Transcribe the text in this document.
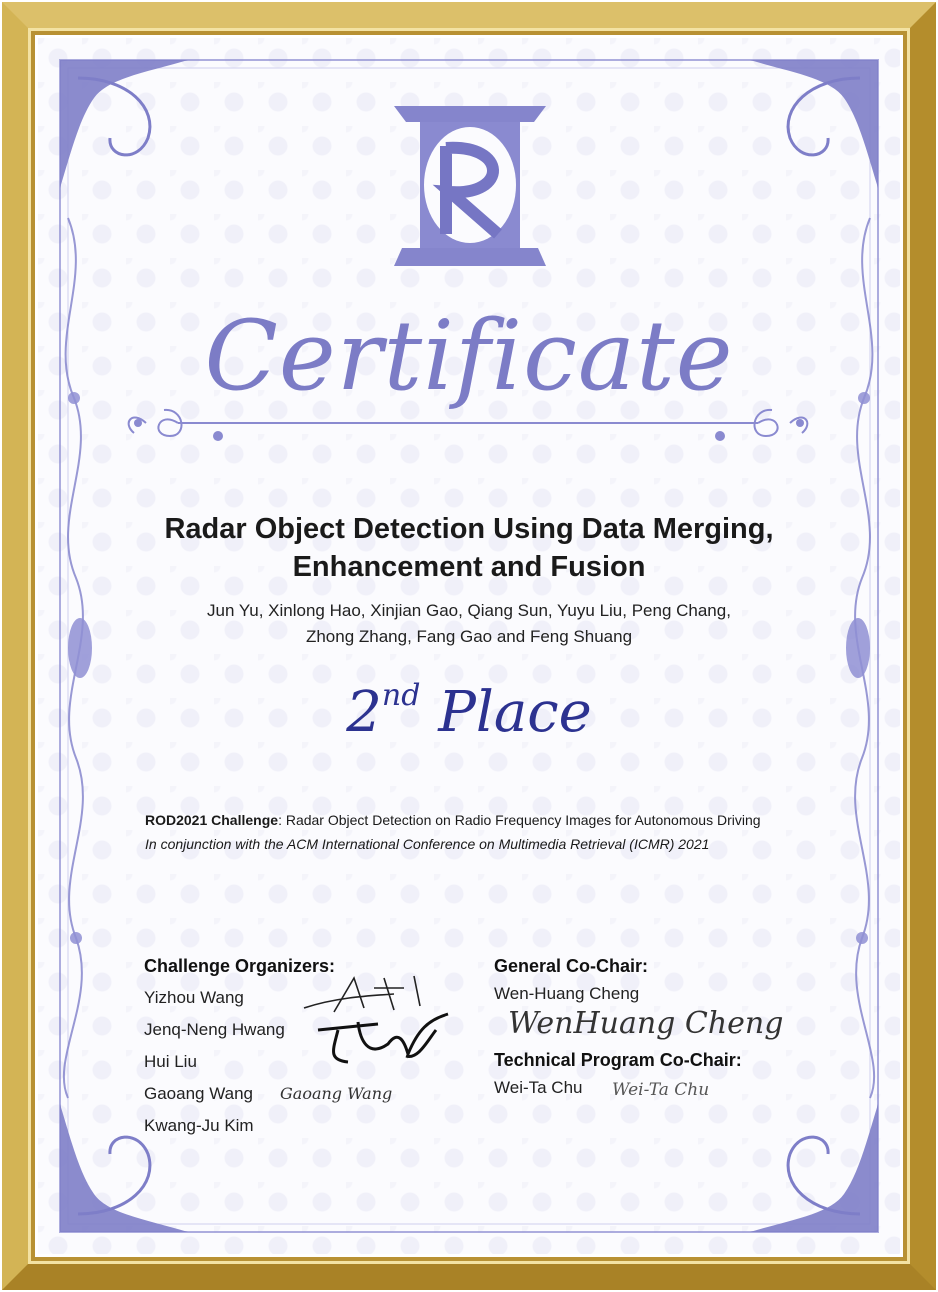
Certificate
Radar Object Detection Using Data Merging,
Enhancement and Fusion
Jun Yu, Xinlong Hao, Xinjian Gao, Qiang Sun, Yuyu Liu, Peng Chang,
Zhong Zhang, Fang Gao and Feng Shuang
2nd Place
ROD2021 Challenge: Radar Object Detection on Radio Frequency Images for Autonomous Driving
In conjunction with the ACM International Conference on Multimedia Retrieval (ICMR) 2021
Challenge Organizers:
Yizhou Wang
Jenq-Neng Hwang
Hui Liu
Gaoang Wang
Kwang-Ju Kim
Gaoang Wang
General Co-Chair:
Wen-Huang Cheng
WenHuang Cheng
Technical Program Co-Chair:
Wei-Ta Chu Wei-Ta Chu
